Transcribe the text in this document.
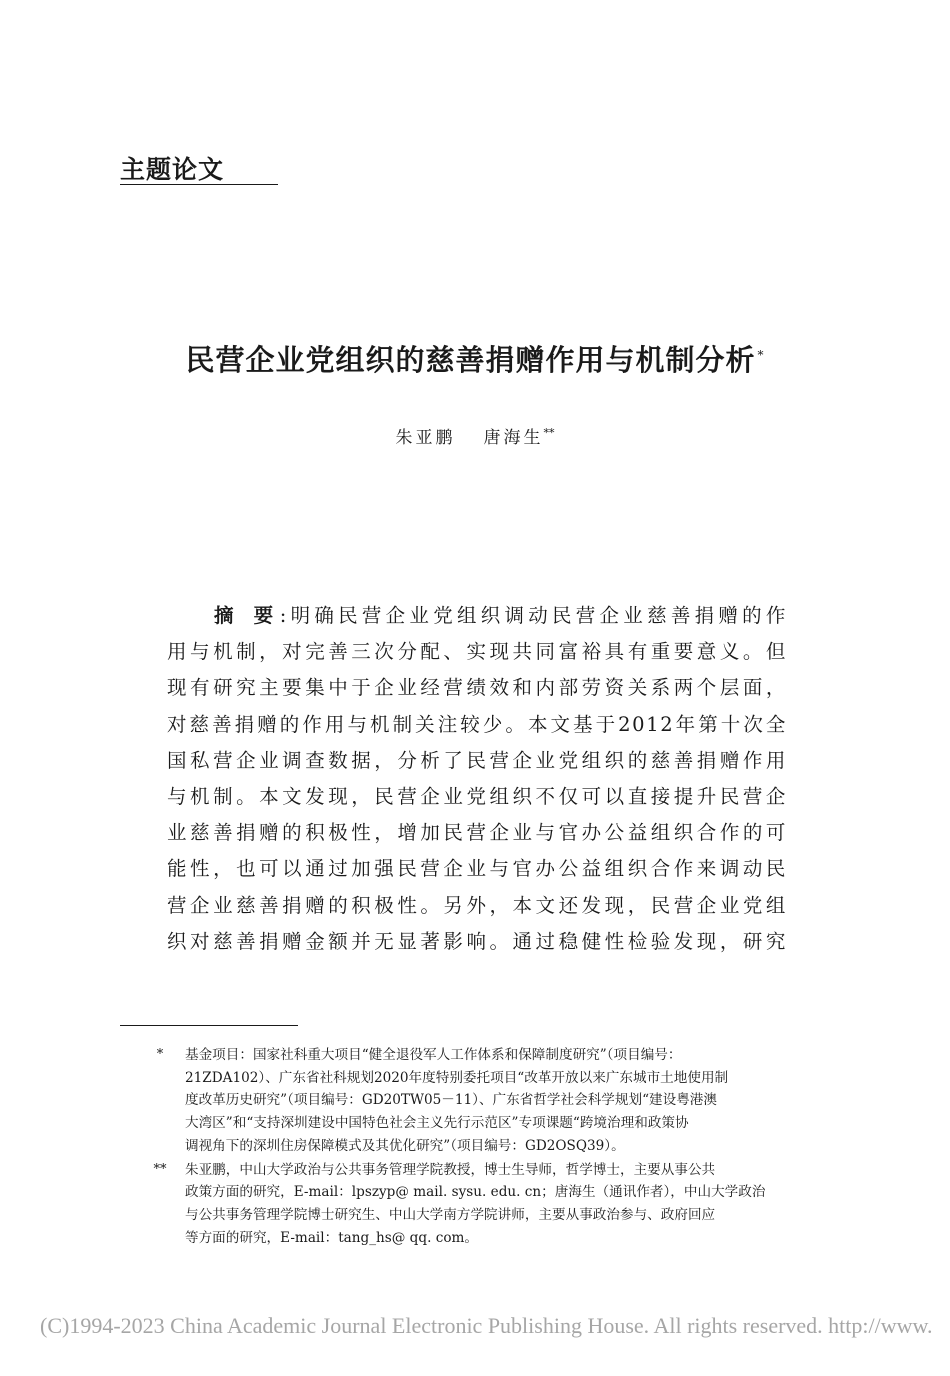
主题论文
民营企业党组织的慈善捐赠作用与机制分析 *
朱亚鹏 唐海生**
摘 要:明确民营企业党组织调动民营企业慈善捐赠的作
用与机制，对完善三次分配、实现共同富裕具有重要意义。但
现有研究主要集中于企业经营绩效和内部劳资关系两个层面，
对慈善捐赠的作用与机制关注较少。本文基于2012年第十次全
国私营企业调查数据，分析了民营企业党组织的慈善捐赠作用
与机制。本文发现，民营企业党组织不仅可以直接提升民营企
业慈善捐赠的积极性，增加民营企业与官办公益组织合作的可
能性，也可以通过加强民营企业与官办公益组织合作来调动民
营企业慈善捐赠的积极性。另外，本文还发现，民营企业党组
织对慈善捐赠金额并无显著影响。通过稳健性检验发现，研究
*	基金项目：国家社科重大项目“健全退役军人工作体系和保障制度研究”（项目编号：
21ZDA102）、广东省社科规划2020年度特别委托项目“改革开放以来广东城市土地使用制
度改革历史研究”（项目编号：GD20TW05－11）、广东省哲学社会科学规划“建设粤港澳
大湾区”和“支持深圳建设中国特色社会主义先行示范区”专项课题“跨境治理和政策协
调视角下的深圳住房保障模式及其优化研究”（项目编号：GD2OSQ39）。
**	朱亚鹏，中山大学政治与公共事务管理学院教授，博士生导师，哲学博士，主要从事公共
政策方面的研究，E-mail：lpszyp@ mail. sysu. edu. cn；唐海生（通讯作者），中山大学政治
与公共事务管理学院博士研究生、中山大学南方学院讲师，主要从事政治参与、政府回应
等方面的研究，E-mail：tang_hs@ qq. com。
(C)1994-2023 China Academic Journal Electronic Publishing House. All rights reserved. http://www.
